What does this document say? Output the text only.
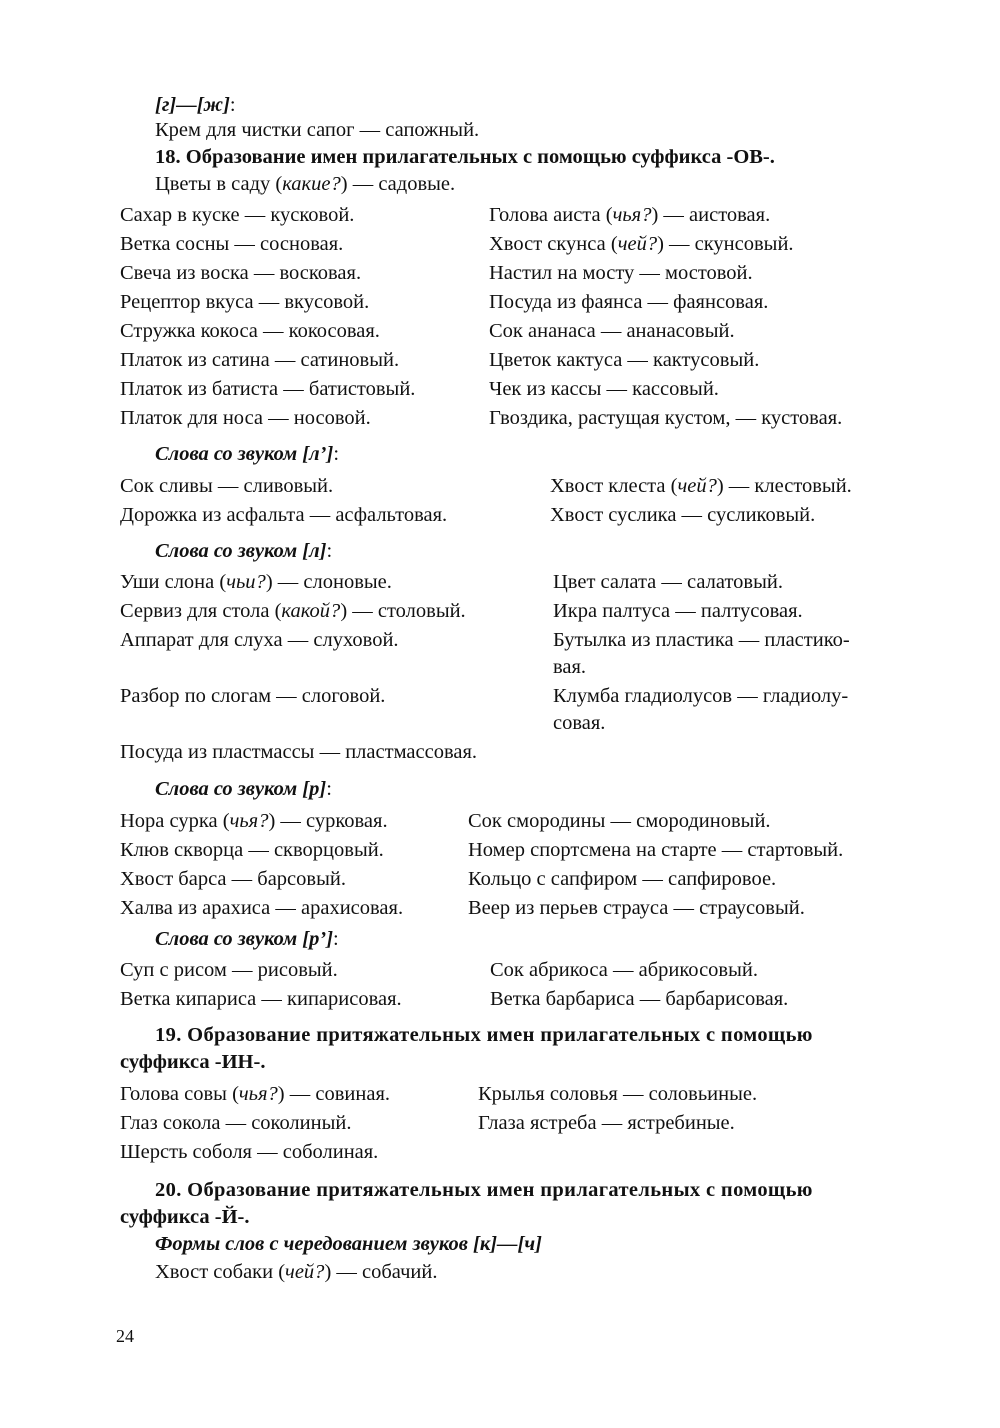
[г]—[ж]:
Крем для чистки сапог — сапожный.
18. Образование имен прилагательных с помощью суффикса -ОВ-.
Цветы в саду (какие?) — садовые.
Сахар в куске — кусковой.
Ветка сосны — сосновая.
Свеча из воска — восковая.
Рецептор вкуса — вкусовой.
Стружка кокоса — кокосовая.
Платок из сатина — сатиновый.
Платок из батиста — батистовый.
Платок для носа — носовой.
Голова аиста (чья?) — аистовая.
Хвост скунса (чей?) — скунсовый.
Настил на мосту — мостовой.
Посуда из фаянса — фаянсовая.
Сок ананаса — ананасовый.
Цветок кактуса — кактусовый.
Чек из кассы — кассовый.
Гвоздика, растущая кустом, — кустовая.
Слова со звуком [л’]:
Сок сливы — сливовый.
Дорожка из асфальта — асфальтовая.
Хвост клеста (чей?) — клестовый.
Хвост суслика — сусликовый.
Слова со звуком [л]:
Уши слона (чьи?) — слоновые.
Сервиз для стола (какой?) — столовый.
Аппарат для слуха — слуховой.
Разбор по слогам — слоговой.
Цвет салата — салатовый.
Икра палтуса — палтусовая.
Бутылка из пластика — пластико-
вая.
Клумба гладиолусов — гладиолу-
совая.
Посуда из пластмассы — пластмассовая.
Слова со звуком [р]:
Нора сурка (чья?) — сурковая.
Клюв скворца — скворцовый.
Хвост барса — барсовый.
Халва из арахиса — арахисовая.
Сок смородины — смородиновый.
Номер спортсмена на старте — стартовый.
Кольцо с сапфиром — сапфировое.
Веер из перьев страуса — страусовый.
Слова со звуком [р’]:
Суп с рисом — рисовый.
Ветка кипариса — кипарисовая.
Сок абрикоса — абрикосовый.
Ветка барбариса — барбарисовая.
19. Образование притяжательных имен прилагательных с помощью
суффикса -ИН-.
Голова совы (чья?) — совиная.
Глаз сокола — соколиный.
Шерсть соболя — соболиная.
Крылья соловья — соловьиные.
Глаза ястреба — ястребиные.
20. Образование притяжательных имен прилагательных с помощью
суффикса -Й-.
Формы слов с чередованием звуков [к]—[ч]
Хвост собаки (чей?) — собачий.
24
